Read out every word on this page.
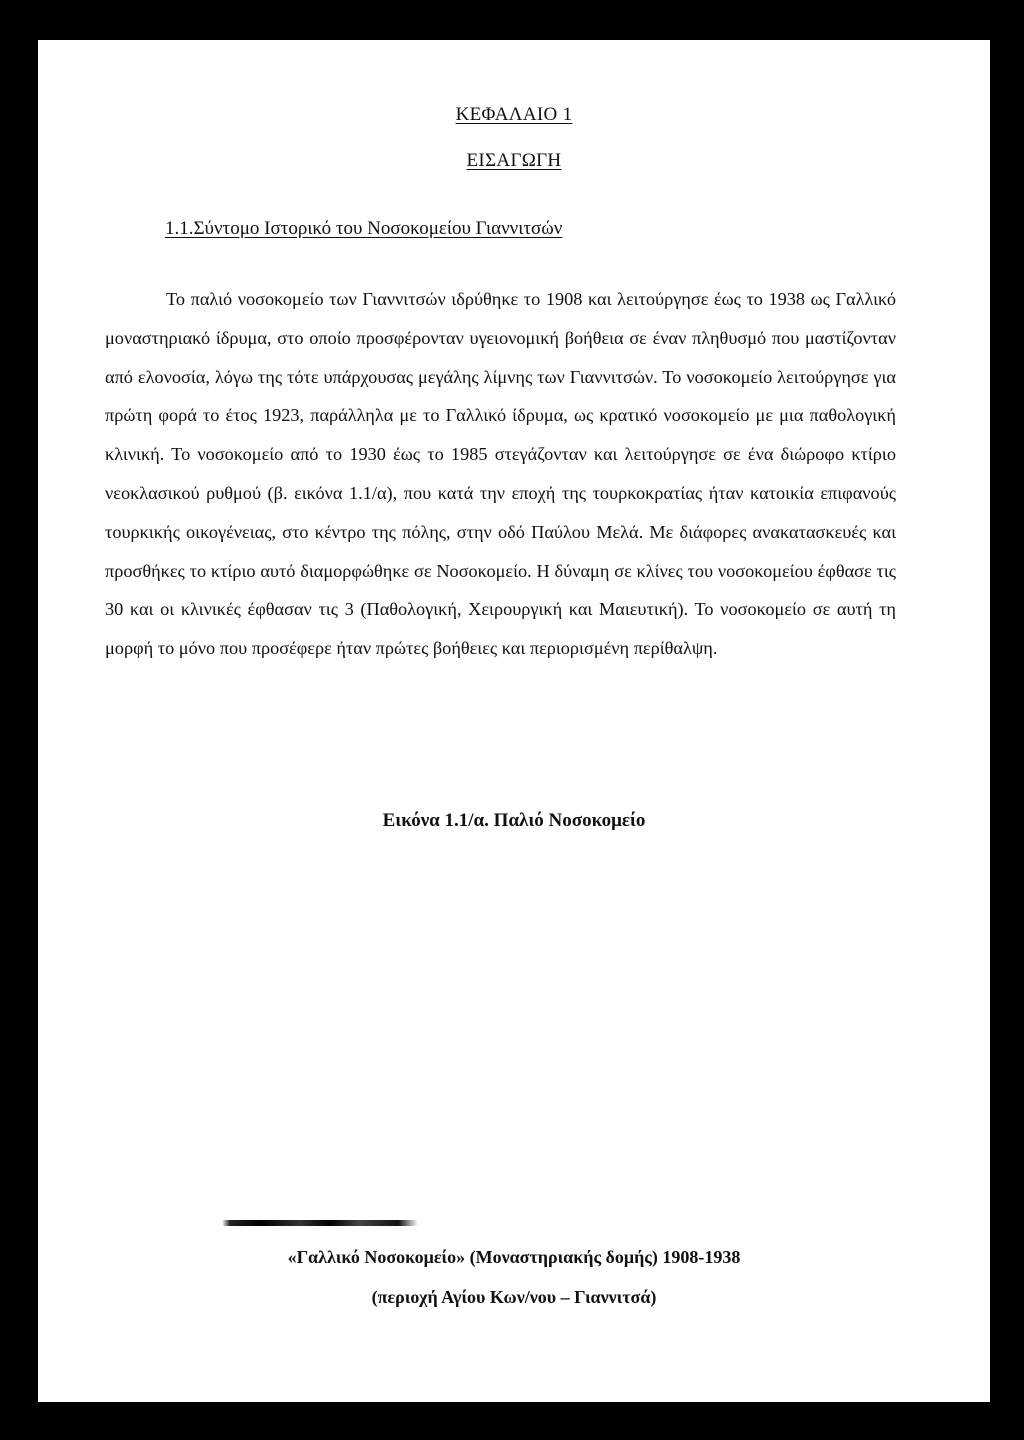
ΚΕΦΑΛΑΙΟ 1
ΕΙΣΑΓΩΓΗ
1.1.Σύντομο Ιστορικό του Νοσοκομείου Γιαννιτσών

Το παλιό νοσοκομείο των Γιαννιτσών ιδρύθηκε το 1908 και λειτούργησε έως το 1938 ως Γαλλικό μοναστηριακό ίδρυμα, στο οποίο προσφέρονταν υγειονομική βοήθεια σε έναν πληθυσμό που μαστίζονταν από ελονοσία, λόγω της τότε υπάρχουσας μεγάλης λίμνης των Γιαννιτσών. Το νοσοκομείο λειτούργησε για πρώτη φορά το έτος 1923, παράλληλα με το Γαλλικό ίδρυμα, ως κρατικό νοσοκομείο με μια παθολογική κλινική. Το νοσοκομείο από το 1930 έως το 1985 στεγάζονταν και λειτούργησε σε ένα διώροφο κτίριο νεοκλασικού ρυθμού (β. εικόνα 1.1/α), που κατά την εποχή της τουρκοκρατίας ήταν κατοικία επιφανούς τουρκικής οικογένειας, στο κέντρο της πόλης, στην οδό Παύλου Μελά. Με διάφορες ανακατασκευές και προσθήκες το κτίριο αυτό διαμορφώθηκε σε Νοσοκομείο. Η δύναμη σε κλίνες του νοσοκομείου έφθασε τις 30 και οι κλινικές έφθασαν τις 3 (Παθολογική, Χειρουργική και Μαιευτική). Το νοσοκομείο σε αυτή τη μορφή το μόνο που προσέφερε ήταν πρώτες βοήθειες και περιορισμένη περίθαλψη.

Εικόνα 1.1/α. Παλιό Νοσοκομείο
«Γαλλικό Νοσοκομείο» (Μοναστηριακής δομής) 1908-1938
(περιοχή Αγίου Κων/νου – Γιαννιτσά)
